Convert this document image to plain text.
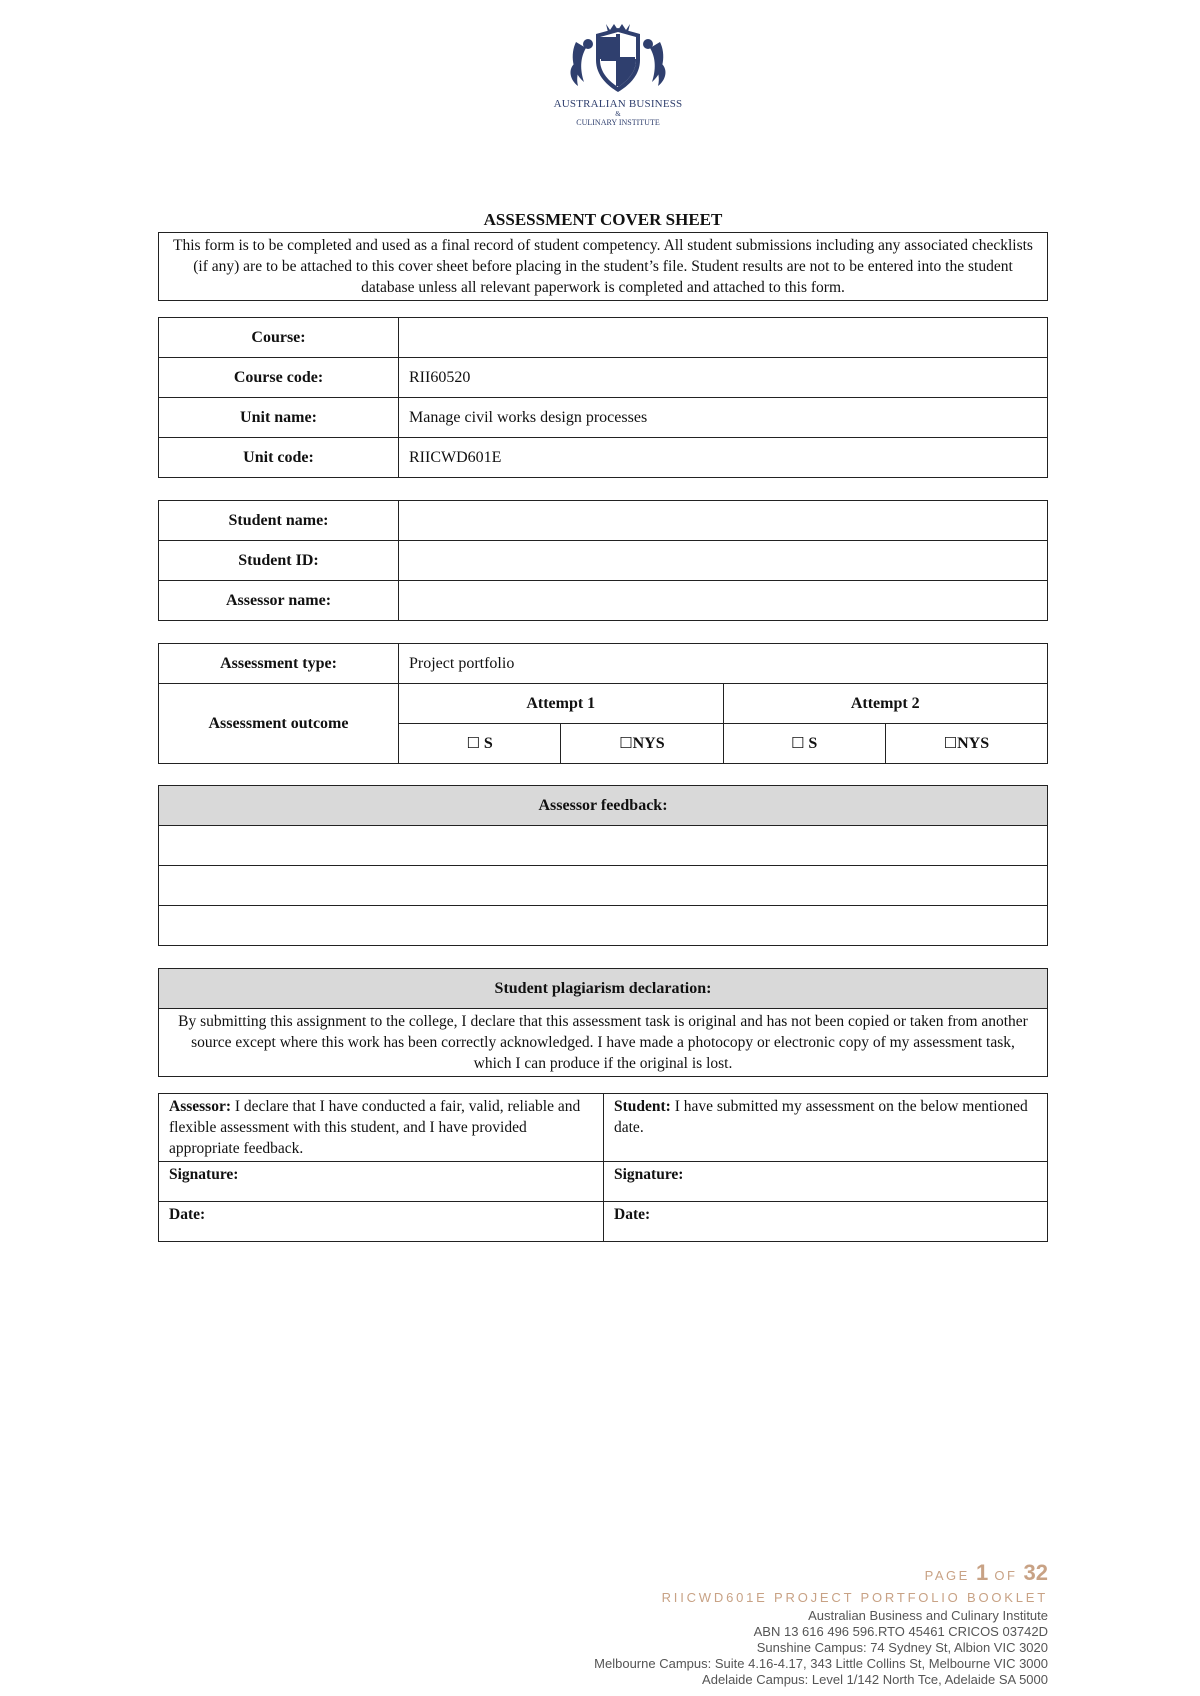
AUSTRALIAN BUSINESS
&
CULINARY INSTITUTE
ASSESSMENT COVER SHEET
This form is to be completed and used as a final record of student competency. All student submissions including any associated checklists (if any) are to be attached to this cover sheet before placing in the student’s file. Student results are not to be entered into the student database unless all relevant paperwork is completed and attached to this form.
Course:	
Course code:	RII60520
Unit name:	Manage civil works design processes
Unit code:	RIICWD601E
Student name:	
Student ID:	
Assessor name:	
Assessment type:	Project portfolio			
Assessment outcome	Attempt 1		Attempt 2	
	☐ S	☐NYS	☐ S	☐NYS
Assessor feedback:

Student plagiarism declaration:
By submitting this assignment to the college, I declare that this assessment task is original and has not been copied or taken from another source except where this work has been correctly acknowledged. I have made a photocopy or electronic copy of my assessment task, which I can produce if the original is lost.
Assessor: I declare that I have conducted a fair, valid, reliable and flexible assessment with this student, and I have provided appropriate feedback.	Student: I have submitted my assessment on the below mentioned date.
Signature:	Signature:
Date:	Date:
PAGE 1 OF 32
RIICWD601E PROJECT PORTFOLIO BOOKLET
Australian Business and Culinary Institute
ABN 13 616 496 596.RTO 45461 CRICOS 03742D
Sunshine Campus: 74 Sydney St, Albion VIC 3020
Melbourne Campus: Suite 4.16-4.17, 343 Little Collins St, Melbourne VIC 3000
Adelaide Campus: Level 1/142 North Tce, Adelaide SA 5000
